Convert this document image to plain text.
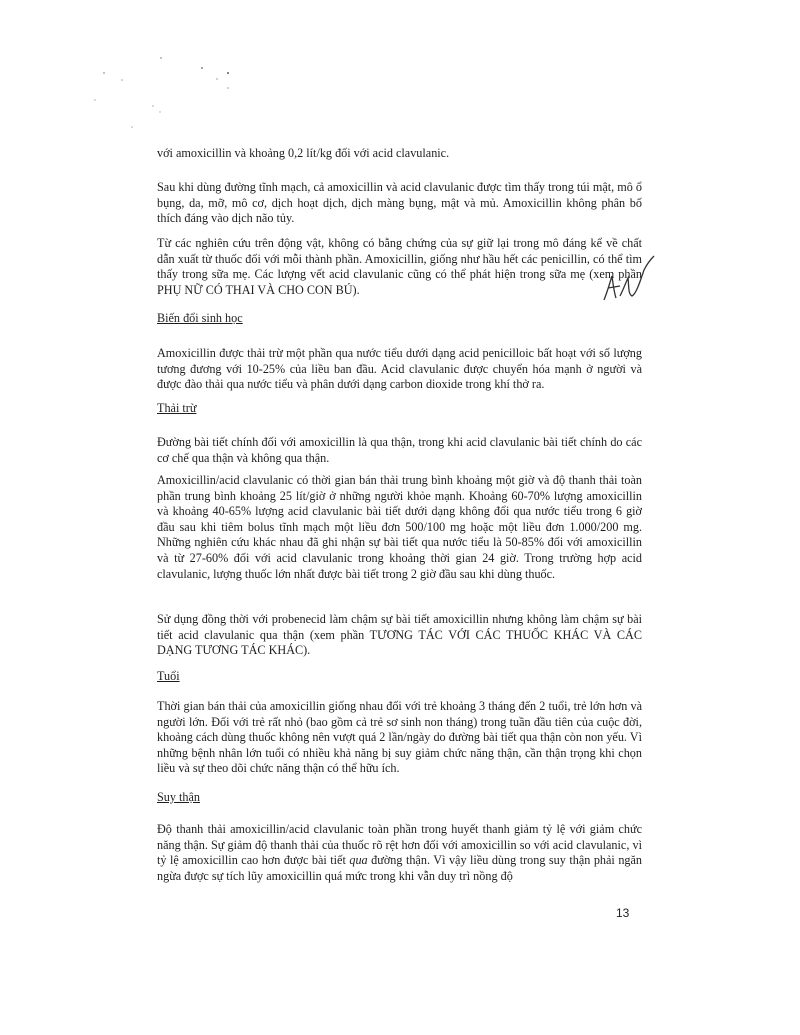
với amoxicillin và khoảng 0,2 lít/kg đối với acid clavulanic.
Sau khi dùng đường tĩnh mạch, cả amoxicillin và acid clavulanic được tìm thấy trong túi mật, mô ổ bụng, da, mỡ, mô cơ, dịch hoạt dịch, dịch màng bụng, mật và mủ. Amoxicillin không phân bố thích đáng vào dịch não tủy.
Từ các nghiên cứu trên động vật, không có bằng chứng của sự giữ lại trong mô đáng kể về chất dẫn xuất từ thuốc đối với mỗi thành phần. Amoxicillin, giống như hầu hết các penicillin, có thể tìm thấy trong sữa mẹ. Các lượng vết acid clavulanic cũng có thể phát hiện trong sữa mẹ (xem phần PHỤ NỮ CÓ THAI VÀ CHO CON BÚ).
Biến đổi sinh học
Amoxicillin được thải trừ một phần qua nước tiểu dưới dạng acid penicilloic bất hoạt với số lượng tương đương với 10-25% của liều ban đầu. Acid clavulanic được chuyển hóa mạnh ở người và được đào thải qua nước tiểu và phân dưới dạng carbon dioxide trong khí thở ra.
Thải trừ
Đường bài tiết chính đối với amoxicillin là qua thận, trong khi acid clavulanic bài tiết chính do các cơ chế qua thận và không qua thận.
Amoxicillin/acid clavulanic có thời gian bán thải trung bình khoảng một giờ và độ thanh thải toàn phần trung bình khoảng 25 lít/giờ ở những người khỏe mạnh. Khoảng 60-70% lượng amoxicillin và khoảng 40-65% lượng acid clavulanic bài tiết dưới dạng không đổi qua nước tiểu trong 6 giờ đầu sau khi tiêm bolus tĩnh mạch một liều đơn 500/100 mg hoặc một liều đơn 1.000/200 mg. Những nghiên cứu khác nhau đã ghi nhận sự bài tiết qua nước tiểu là 50-85% đối với amoxicillin và từ 27-60% đối với acid clavulanic trong khoảng thời gian 24 giờ. Trong trường hợp acid clavulanic, lượng thuốc lớn nhất được bài tiết trong 2 giờ đầu sau khi dùng thuốc.
Sử dụng đồng thời với probenecid làm chậm sự bài tiết amoxicillin nhưng không làm chậm sự bài tiết acid clavulanic qua thận (xem phần TƯƠNG TÁC VỚI CÁC THUỐC KHÁC VÀ CÁC DẠNG TƯƠNG TÁC KHÁC).
Tuổi
Thời gian bán thải của amoxicillin giống nhau đối với trẻ khoảng 3 tháng đến 2 tuổi, trẻ lớn hơn và người lớn. Đối với trẻ rất nhỏ (bao gồm cả trẻ sơ sinh non tháng) trong tuần đầu tiên của cuộc đời, khoảng cách dùng thuốc không nên vượt quá 2 lần/ngày do đường bài tiết qua thận còn non yếu. Vì những bệnh nhân lớn tuổi có nhiều khả năng bị suy giảm chức năng thận, cần thận trọng khi chọn liều và sự theo dõi chức năng thận có thể hữu ích.
Suy thận
Độ thanh thải amoxicillin/acid clavulanic toàn phần trong huyết thanh giảm tỷ lệ với giảm chức năng thận. Sự giảm độ thanh thải của thuốc rõ rệt hơn đối với amoxicillin so với acid clavulanic, vì tỷ lệ amoxicillin cao hơn được bài tiết qua đường thận. Vì vậy liều dùng trong suy thận phải ngăn ngừa được sự tích lũy amoxicillin quá mức trong khi vẫn duy trì nồng độ
13
